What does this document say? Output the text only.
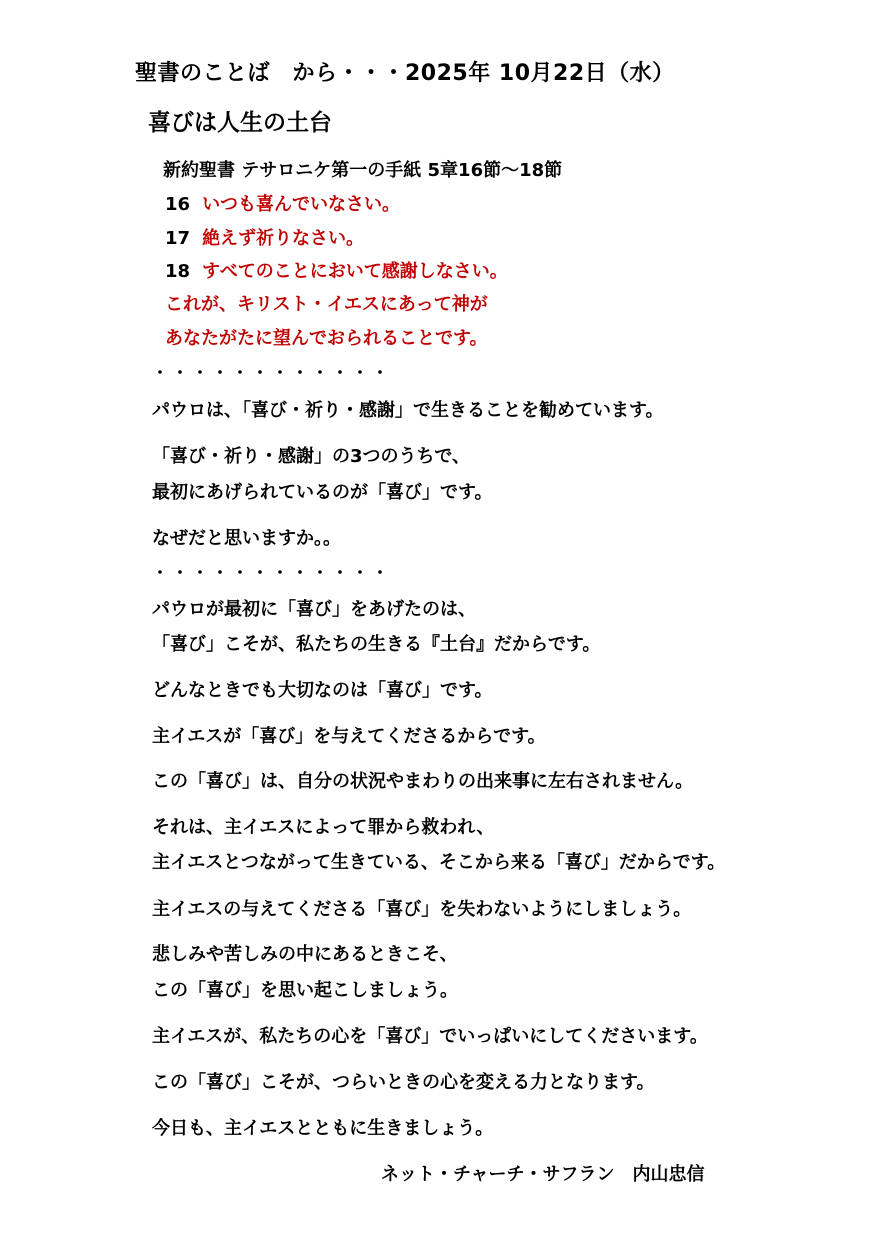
聖書のことば　から・・・2025年 10月22日（水）
喜びは人生の土台
新約聖書 テサロニケ第一の手紙 5章16節～18節
16 いつも喜んでいなさい。
17 絶えず祈りなさい。
18 すべてのことにおいて感謝しなさい。
これが、キリスト・イエスにあって神が
あなたがたに望んでおられることです。
・・・・・・・・・・・・
パウロは、「喜び・祈り・感謝」で生きることを勧めています。
「喜び・祈り・感謝」の3つのうちで、
最初にあげられているのが「喜び」です。
なぜだと思いますか。。
・・・・・・・・・・・・
パウロが最初に「喜び」をあげたのは、
「喜び」こそが、私たちの生きる『土台』だからです。
どんなときでも大切なのは「喜び」です。
主イエスが「喜び」を与えてくださるからです。
この「喜び」は、自分の状況やまわりの出来事に左右されません。
それは、主イエスによって罪から救われ、
主イエスとつながって生きている、そこから来る「喜び」だからです。
主イエスの与えてくださる「喜び」を失わないようにしましょう。
悲しみや苦しみの中にあるときこそ、
この「喜び」を思い起こしましょう。
主イエスが、私たちの心を「喜び」でいっぱいにしてくださいます。
この「喜び」こそが、つらいときの心を変える力となります。
今日も、主イエスとともに生きましょう。
ネット・チャーチ・サフラン　内山忠信
